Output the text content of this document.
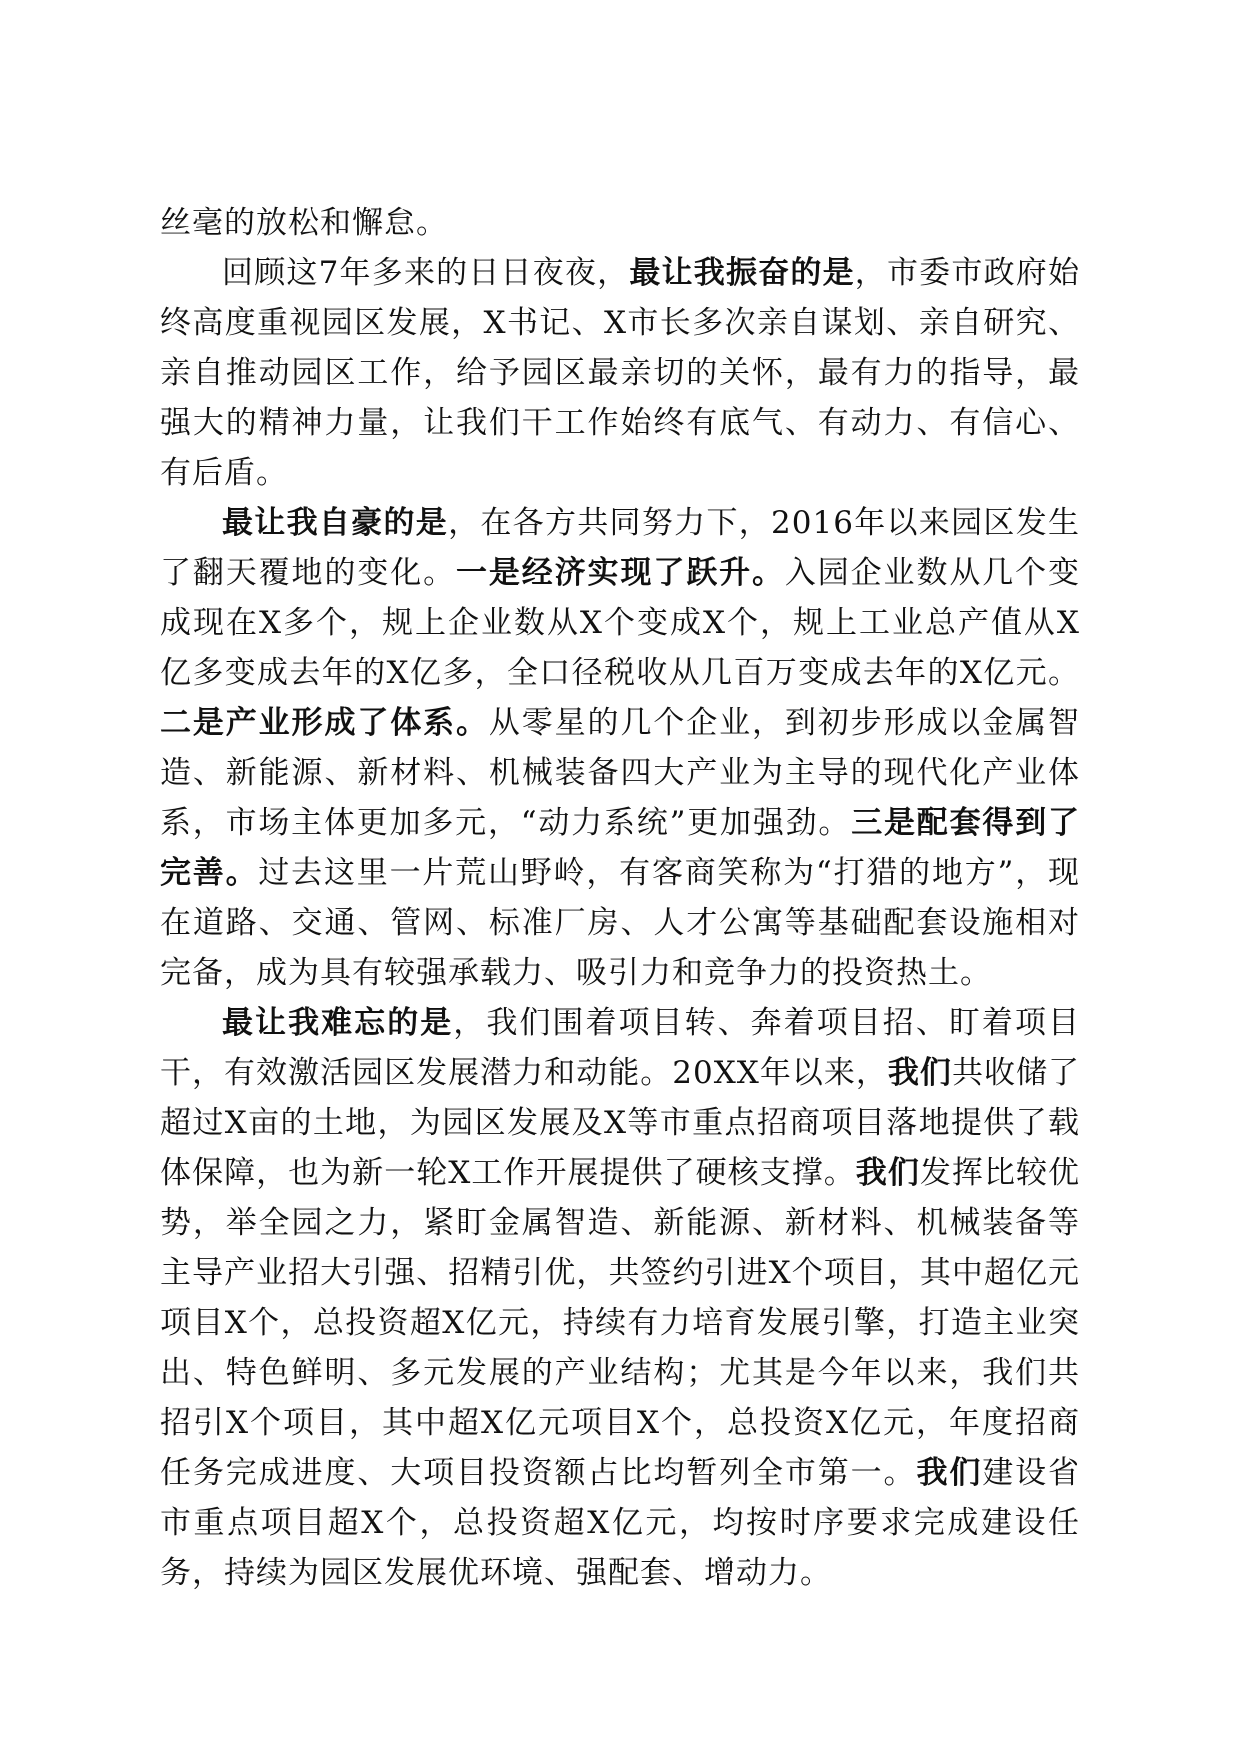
丝毫的放松和懈怠。

回顾这7年多来的日日夜夜，最让我振奋的是，市委市政府始终高度重视园区发展，X书记、X市长多次亲自谋划、亲自研究、亲自推动园区工作，给予园区最亲切的关怀，最有力的指导，最强大的精神力量，让我们干工作始终有底气、有动力、有信心、有后盾。

最让我自豪的是，在各方共同努力下，2016年以来园区发生了翻天覆地的变化。一是经济实现了跃升。入园企业数从几个变成现在X多个，规上企业数从X个变成X个，规上工业总产值从X亿多变成去年的X亿多，全口径税收从几百万变成去年的X亿元。二是产业形成了体系。从零星的几个企业，到初步形成以金属智造、新能源、新材料、机械装备四大产业为主导的现代化产业体系，市场主体更加多元，“动力系统”更加强劲。三是配套得到了完善。过去这里一片荒山野岭，有客商笑称为“打猎的地方”，现在道路、交通、管网、标准厂房、人才公寓等基础配套设施相对完备，成为具有较强承载力、吸引力和竞争力的投资热土。

最让我难忘的是，我们围着项目转、奔着项目招、盯着项目干，有效激活园区发展潜力和动能。20XX年以来，我们共收储了超过X亩的土地，为园区发展及X等市重点招商项目落地提供了载体保障，也为新一轮X工作开展提供了硬核支撑。我们发挥比较优势，举全园之力，紧盯金属智造、新能源、新材料、机械装备等主导产业招大引强、招精引优，共签约引进X个项目，其中超亿元项目X个，总投资超X亿元，持续有力培育发展引擎，打造主业突出、特色鲜明、多元发展的产业结构；尤其是今年以来，我们共招引X个项目，其中超X亿元项目X个，总投资X亿元，年度招商任务完成进度、大项目投资额占比均暂列全市第一。我们建设省市重点项目超X个，总投资超X亿元，均按时序要求完成建设任务，持续为园区发展优环境、强配套、增动力。
